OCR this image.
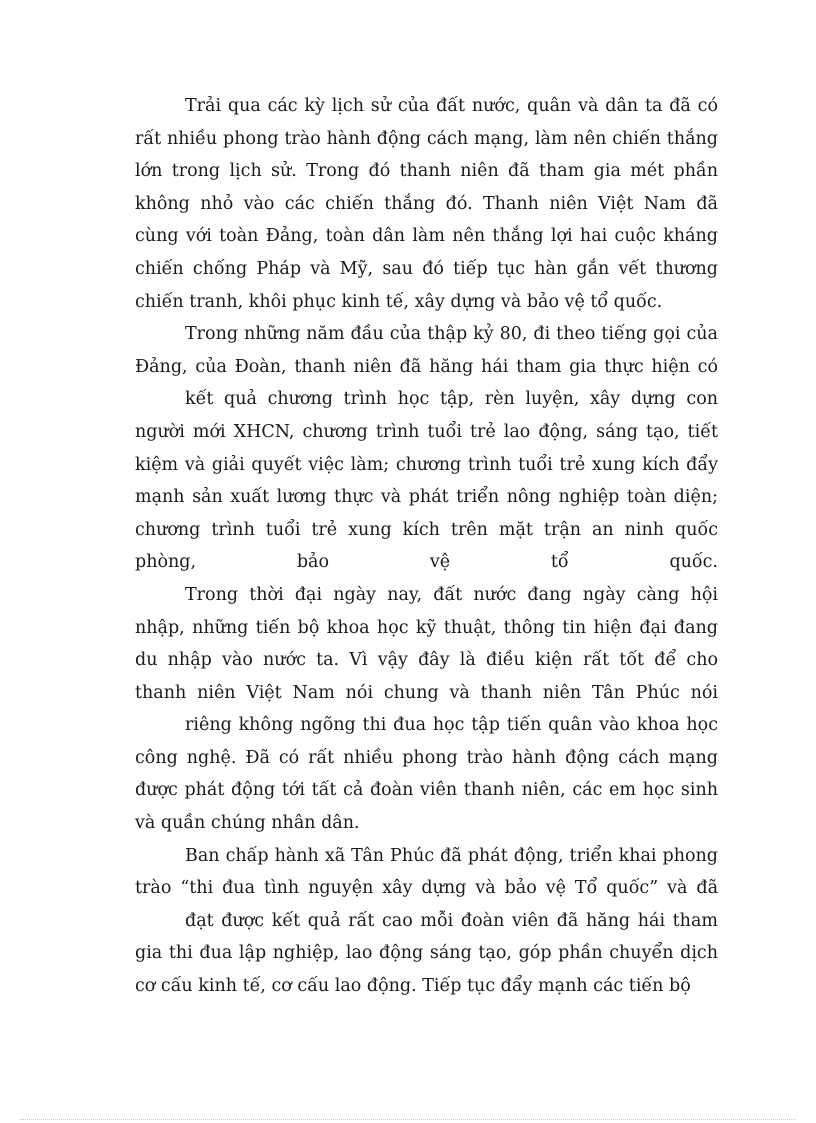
Trải qua các kỳ lịch sử của đất nước, quân và dân ta đã có
rất nhiều phong trào hành động cách mạng, làm nên chiến thắng
lớn trong lịch sử. Trong đó thanh niên đã tham gia mét phần
không nhỏ vào các chiến thắng đó. Thanh niên Việt Nam đã
cùng với toàn Đảng, toàn dân làm nên thắng lợi hai cuộc kháng
chiến chống Pháp và Mỹ, sau đó tiếp tục hàn gắn vết thương
chiến tranh, khôi phục kinh tế, xây dựng và bảo vệ tổ quốc.
Trong những năm đầu của thập kỷ 80, đi theo tiếng gọi của
Đảng, của Đoàn, thanh niên đã hăng hái tham gia thực hiện có
kết quả chương trình học tập, rèn luyện, xây dựng con
người mới XHCN, chương trình tuổi trẻ lao động, sáng tạo, tiết
kiệm và giải quyết việc làm; chương trình tuổi trẻ xung kích đẩy
mạnh sản xuất lương thực và phát triển nông nghiệp toàn diện;
chương trình tuổi trẻ xung kích trên mặt trận an ninh quốc
phòng, bảo vệ tổ quốc.
Trong thời đại ngày nay, đất nước đang ngày càng hội
nhập, những tiến bộ khoa học kỹ thuật, thông tin hiện đại đang
du nhập vào nước ta. Vì vậy đây là điều kiện rất tốt để cho
thanh niên Việt Nam nói chung và thanh niên Tân Phúc nói
riêng không ngõng thi đua học tập tiến quân vào khoa học
công nghệ. Đã có rất nhiều phong trào hành động cách mạng
được phát động tới tất cả đoàn viên thanh niên, các em học sinh
và quần chúng nhân dân.
Ban chấp hành xã Tân Phúc đã phát động, triển khai phong
trào “thi đua tình nguyện xây dựng và bảo vệ Tổ quốc” và đã
đạt được kết quả rất cao mỗi đoàn viên đã hăng hái tham
gia thi đua lập nghiệp, lao động sáng tạo, góp phần chuyển dịch
cơ cấu kinh tế, cơ cấu lao động. Tiếp tục đẩy mạnh các tiến bộ
